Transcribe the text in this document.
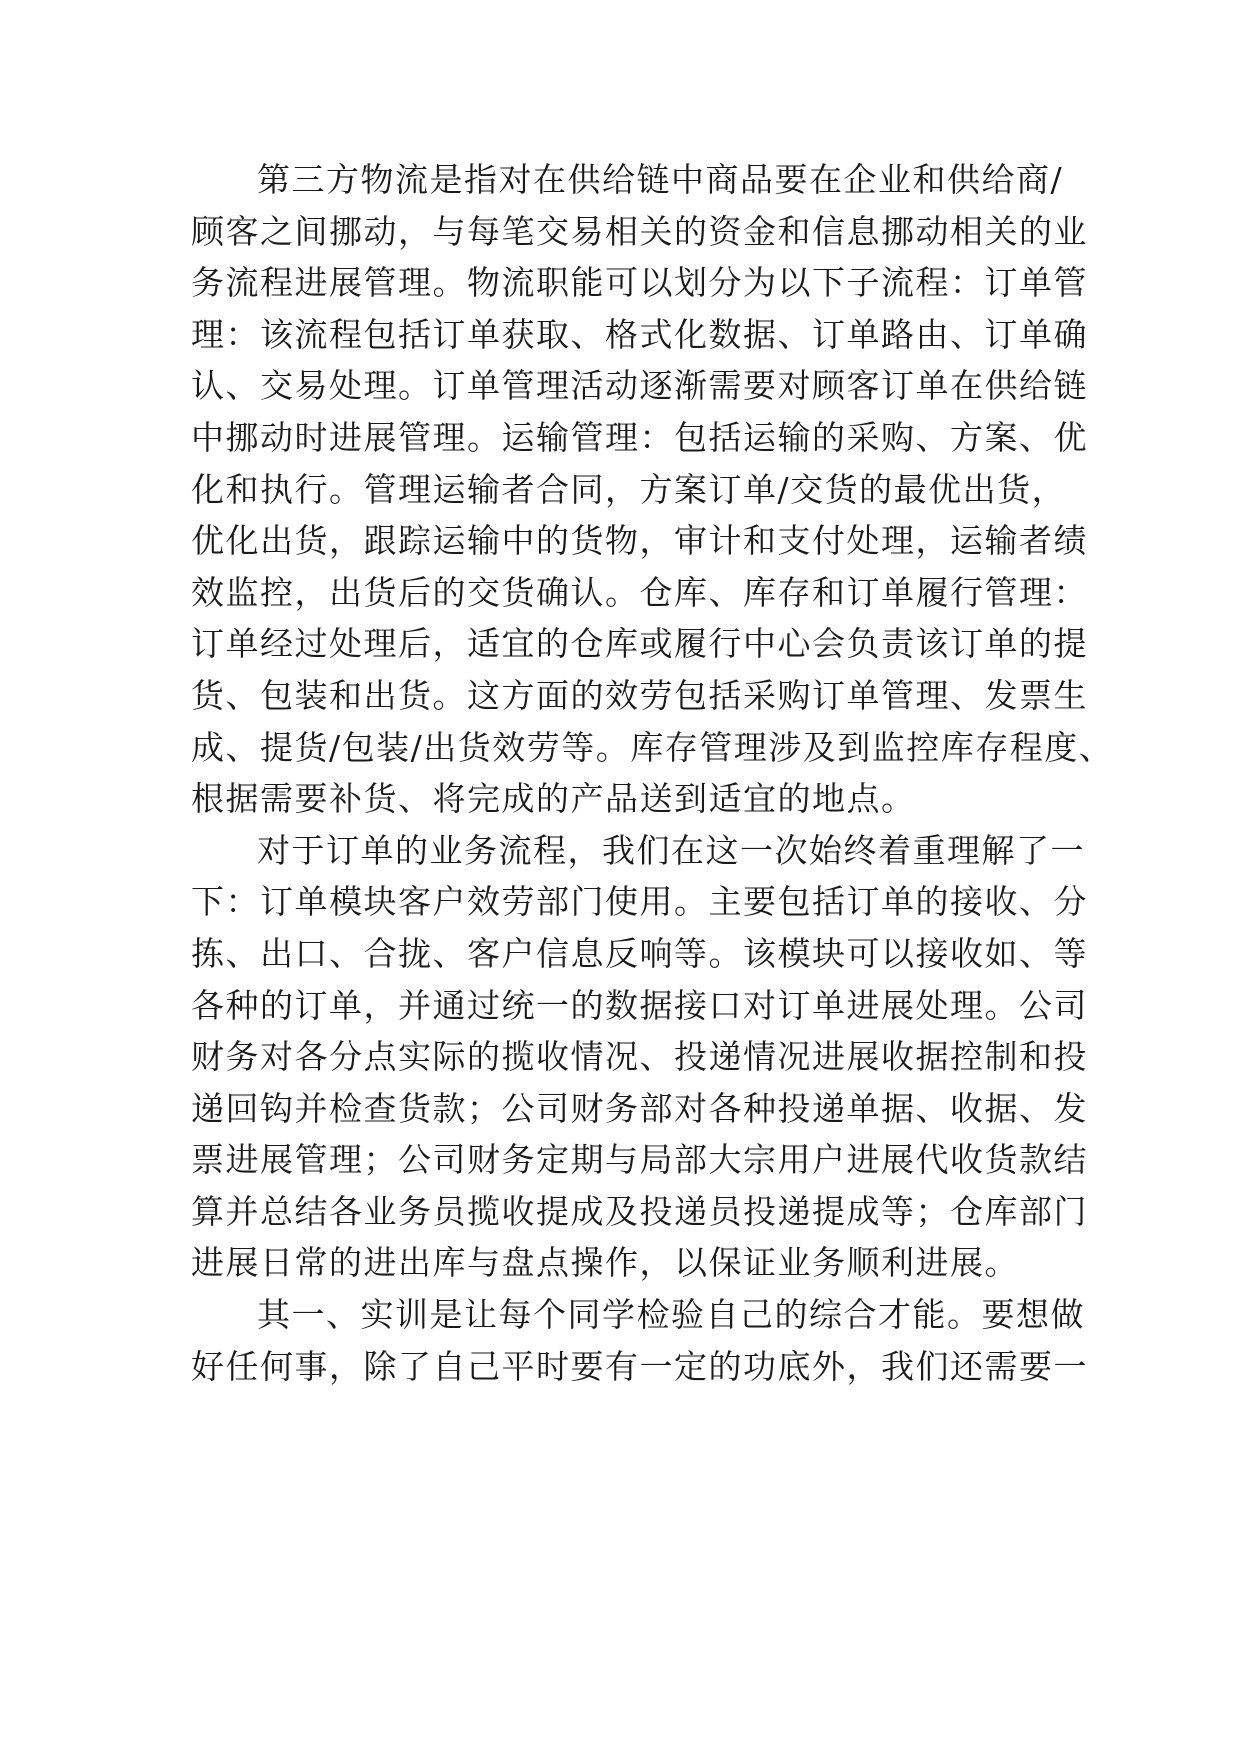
第三方物流是指对在供给链中商品要在企业和供给商/
顾客之间挪动，与每笔交易相关的资金和信息挪动相关的业
务流程进展管理。物流职能可以划分为以下子流程：订单管
理：该流程包括订单获取、格式化数据、订单路由、订单确
认、交易处理。订单管理活动逐渐需要对顾客订单在供给链
中挪动时进展管理。运输管理：包括运输的采购、方案、优
化和执行。管理运输者合同，方案订单/交货的最优出货，
优化出货，跟踪运输中的货物，审计和支付处理，运输者绩
效监控，出货后的交货确认。仓库、库存和订单履行管理：
订单经过处理后，适宜的仓库或履行中心会负责该订单的提
货、包装和出货。这方面的效劳包括采购订单管理、发票生
成、提货/包装/出货效劳等。库存管理涉及到监控库存程度、
根据需要补货、将完成的产品送到适宜的地点。

对于订单的业务流程，我们在这一次始终着重理解了一
下：订单模块客户效劳部门使用。主要包括订单的接收、分
拣、出口、合拢、客户信息反响等。该模块可以接收如、等
各种的订单，并通过统一的数据接口对订单进展处理。公司
财务对各分点实际的揽收情况、投递情况进展收据控制和投
递回钩并检查货款；公司财务部对各种投递单据、收据、发
票进展管理；公司财务定期与局部大宗用户进展代收货款结
算并总结各业务员揽收提成及投递员投递提成等；仓库部门
进展日常的进出库与盘点操作，以保证业务顺利进展。

其一、实训是让每个同学检验自己的综合才能。要想做
好任何事，除了自己平时要有一定的功底外，我们还需要一
